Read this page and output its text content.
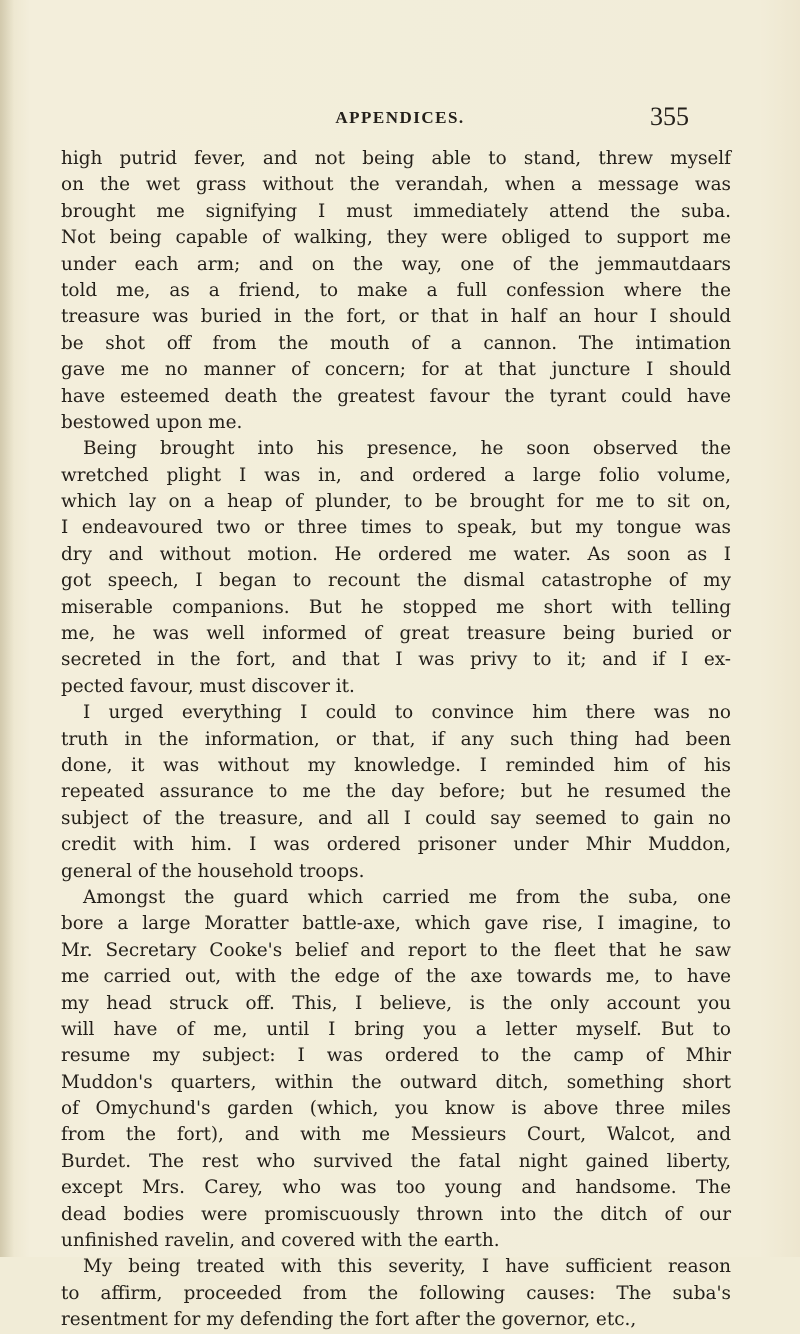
APPENDICES.	355
high putrid fever, and not being able to stand, threw myself
on the wet grass without the verandah, when a message was
brought me signifying I must immediately attend the suba.
Not being capable of walking, they were obliged to support me
under each arm; and on the way, one of the jemmautdaars
told me, as a friend, to make a full confession where the
treasure was buried in the fort, or that in half an hour I should
be shot off from the mouth of a cannon. The intimation
gave me no manner of concern; for at that juncture I should
have esteemed death the greatest favour the tyrant could have
bestowed upon me.
Being brought into his presence, he soon observed the
wretched plight I was in, and ordered a large folio volume,
which lay on a heap of plunder, to be brought for me to sit on,
I endeavoured two or three times to speak, but my tongue was
dry and without motion. He ordered me water. As soon as I
got speech, I began to recount the dismal catastrophe of my
miserable companions. But he stopped me short with telling
me, he was well informed of great treasure being buried or
secreted in the fort, and that I was privy to it; and if I ex-
pected favour, must discover it.
I urged everything I could to convince him there was no
truth in the information, or that, if any such thing had been
done, it was without my knowledge. I reminded him of his
repeated assurance to me the day before; but he resumed the
subject of the treasure, and all I could say seemed to gain no
credit with him. I was ordered prisoner under Mhir Muddon,
general of the household troops.
Amongst the guard which carried me from the suba, one
bore a large Moratter battle-axe, which gave rise, I imagine, to
Mr. Secretary Cooke's belief and report to the fleet that he saw
me carried out, with the edge of the axe towards me, to have
my head struck off. This, I believe, is the only account you
will have of me, until I bring you a letter myself. But to
resume my subject: I was ordered to the camp of Mhir
Muddon's quarters, within the outward ditch, something short
of Omychund's garden (which, you know is above three miles
from the fort), and with me Messieurs Court, Walcot, and
Burdet. The rest who survived the fatal night gained liberty,
except Mrs. Carey, who was too young and handsome. The
dead bodies were promiscuously thrown into the ditch of our
unfinished ravelin, and covered with the earth.
My being treated with this severity, I have sufficient reason
to affirm, proceeded from the following causes: The suba's
resentment for my defending the fort after the governor, etc.,
